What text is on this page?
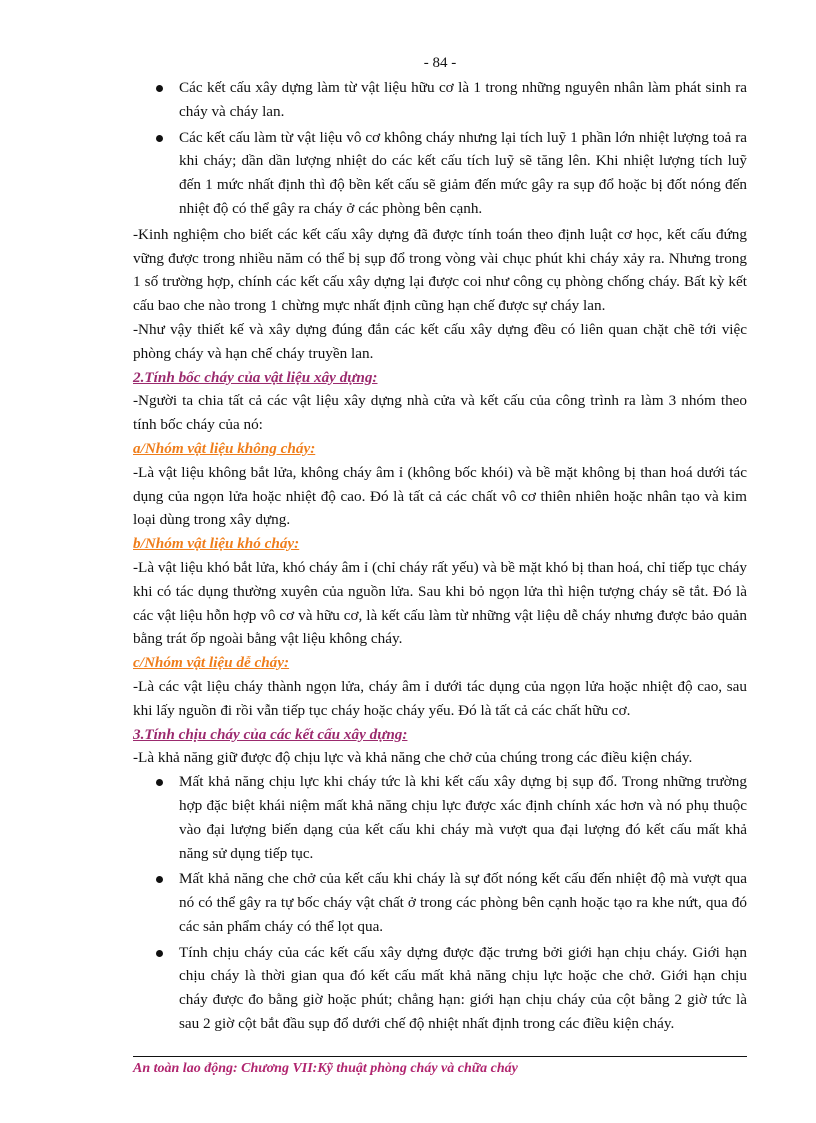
- 84 -
Các kết cấu xây dựng làm từ vật liệu hữu cơ là 1 trong những nguyên nhân làm phát sinh ra cháy và cháy lan.
Các kết cấu làm từ vật liệu vô cơ không cháy nhưng lại tích luỹ 1 phần lớn nhiệt lượng toả ra khi cháy; dần dần lượng nhiệt do các kết cấu tích luỹ sẽ tăng lên. Khi nhiệt lượng tích luỹ đến 1 mức nhất định thì độ bền kết cấu sẽ giảm đến mức gây ra sụp đổ hoặc bị đốt nóng đến nhiệt độ có thể gây ra cháy ở các phòng bên cạnh.

-Kinh nghiệm cho biết các kết cấu xây dựng đã được tính toán theo định luật cơ học, kết cấu đứng vững được trong nhiều năm có thể bị sụp đổ trong vòng vài chục phút khi cháy xảy ra. Nhưng trong 1 số trường hợp, chính các kết cấu xây dựng lại được coi như công cụ phòng chống cháy. Bất kỳ kết cấu bao che nào trong 1 chừng mực nhất định cũng hạn chế được sự cháy lan.

-Như vậy thiết kế và xây dựng đúng đắn các kết cấu xây dựng đều có liên quan chặt chẽ tới việc phòng cháy và hạn chế cháy truyền lan.

2.Tính bốc cháy của vật liệu xây dựng:

-Người ta chia tất cả các vật liệu xây dựng nhà cửa và kết cấu của công trình ra làm 3 nhóm theo tính bốc cháy của nó:

a/Nhóm vật liệu không cháy:

-Là vật liệu không bắt lửa, không cháy âm ỉ (không bốc khói) và bề mặt không bị than hoá dưới tác dụng của ngọn lửa hoặc nhiệt độ cao. Đó là tất cả các chất vô cơ thiên nhiên hoặc nhân tạo và kim loại dùng trong xây dựng.

b/Nhóm vật liệu khó cháy:

-Là vật liệu khó bắt lửa, khó cháy âm ỉ (chỉ cháy rất yếu) và bề mặt khó bị than hoá, chỉ tiếp tục cháy khi có tác dụng thường xuyên của nguồn lửa. Sau khi bỏ ngọn lửa thì hiện tượng cháy sẽ tắt. Đó là các vật liệu hỗn hợp vô cơ và hữu cơ, là kết cấu làm từ những vật liệu dễ cháy nhưng được bảo quản bằng trát ốp ngoài bằng vật liệu không cháy.

c/Nhóm vật liệu dễ cháy:

-Là các vật liệu cháy thành ngọn lửa, cháy âm ỉ dưới tác dụng của ngọn lửa hoặc nhiệt độ cao, sau khi lấy nguồn đi rồi vẫn tiếp tục cháy hoặc cháy yếu. Đó là tất cả các chất hữu cơ.

3.Tính chịu cháy của các kết cấu xây dựng:

-Là khả năng giữ được độ chịu lực và khả năng che chở của chúng trong các điều kiện cháy.

Mất khả năng chịu lực khi cháy tức là khi kết cấu xây dựng bị sụp đổ. Trong những trường hợp đặc biệt khái niệm mất khả năng chịu lực được xác định chính xác hơn và nó phụ thuộc vào đại lượng biến dạng của kết cấu khi cháy mà vượt qua đại lượng đó kết cấu mất khả năng sử dụng tiếp tục.
Mất khả năng che chở của kết cấu khi cháy là sự đốt nóng kết cấu đến nhiệt độ mà vượt qua nó có thể gây ra tự bốc cháy vật chất ở trong các phòng bên cạnh hoặc tạo ra khe nứt, qua đó các sản phẩm cháy có thể lọt qua.
Tính chịu cháy của các kết cấu xây dựng được đặc trưng bởi giới hạn chịu cháy. Giới hạn chịu cháy là thời gian qua đó kết cấu mất khả năng chịu lực hoặc che chở. Giới hạn chịu cháy được đo bằng giờ hoặc phút; chẳng hạn: giới hạn chịu cháy của cột bằng 2 giờ tức là sau 2 giờ cột bắt đầu sụp đổ dưới chế độ nhiệt nhất định trong các điều kiện cháy.
An toàn lao động: Chương VII:Kỹ thuật phòng cháy và chữa cháy
